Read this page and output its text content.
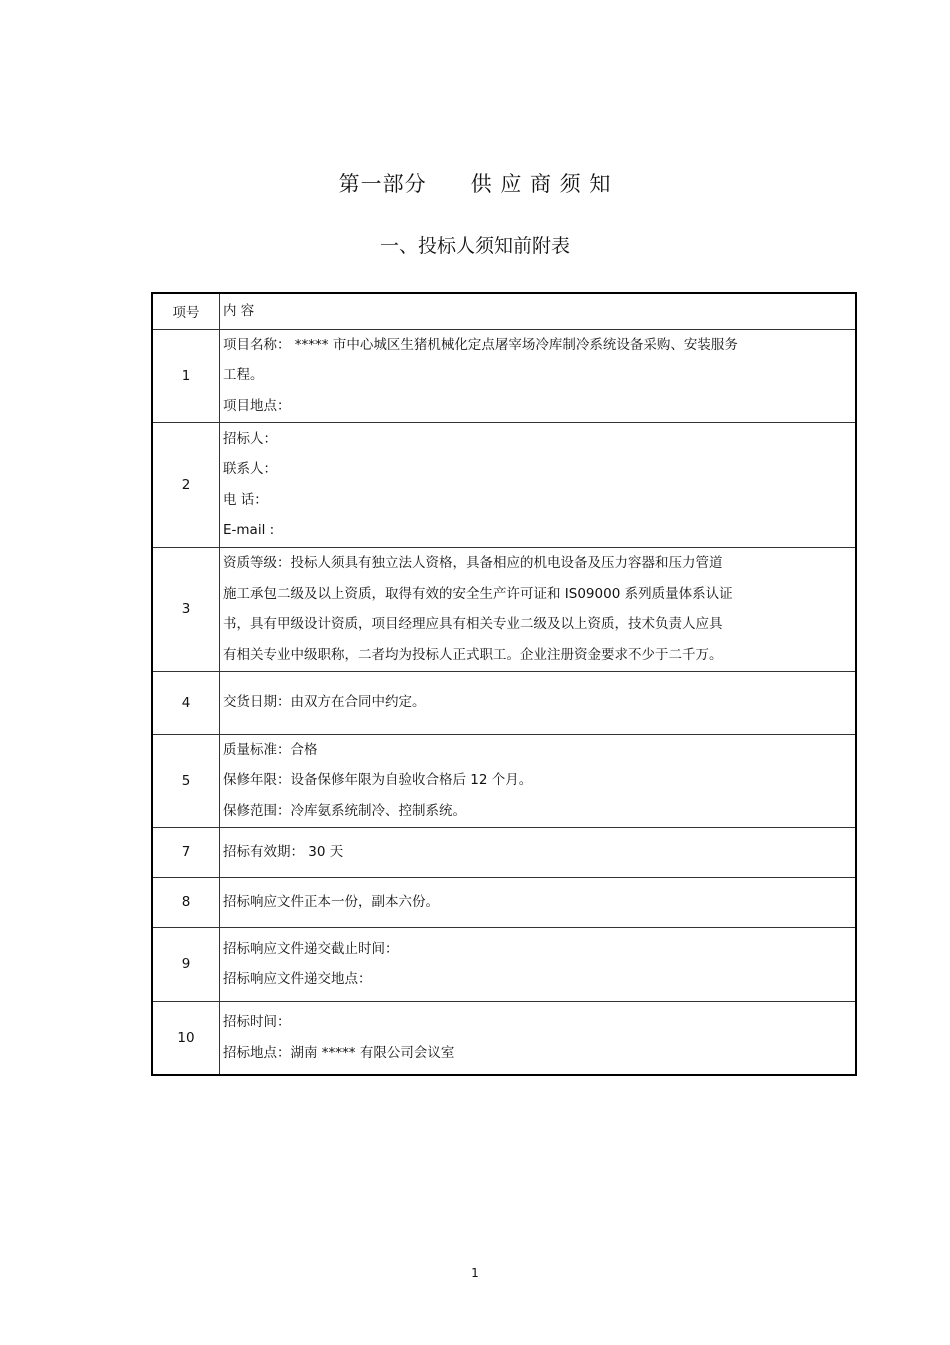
第一部分 供 应 商 须 知
一、投标人须知前附表
项号	内 容
1	项目名称： ***** 市中心城区生猪机械化定点屠宰场冷库制冷系统设备采购、安装服务
工程。
项目地点：

2	招标人：
联系人：
电 话：
E-mail :

3	资质等级：投标人须具有独立法人资格，具备相应的机电设备及压力容器和压力管道
施工承包二级及以上资质，取得有效的安全生产许可证和 IS09000 系列质量体系认证
书，具有甲级设计资质，项目经理应具有相关专业二级及以上资质，技术负责人应具
有相关专业中级职称，二者均为投标人正式职工。企业注册资金要求不少于二千万。

4	交货日期：由双方在合同中约定。

5	质量标准：合格
保修年限：设备保修年限为自验收合格后 12 个月。
保修范围：冷库氨系统制冷、控制系统。

7	招标有效期： 30 天

8	招标响应文件正本一份，副本六份。

9	招标响应文件递交截止时间：
招标响应文件递交地点：

10	招标时间：
招标地点：湖南 ***** 有限公司会议室
1
